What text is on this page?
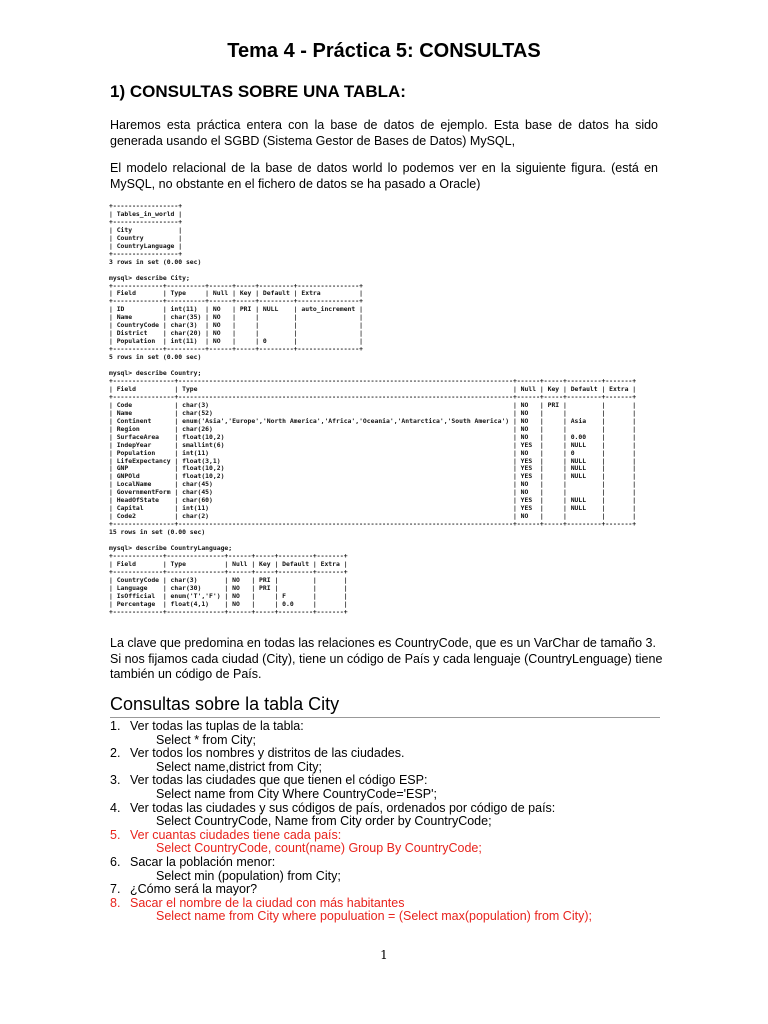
Tema 4 - Práctica 5: CONSULTAS
1) CONSULTAS SOBRE UNA TABLA:

Haremos esta práctica entera con la base de datos de ejemplo. Esta base de datos ha sido generada usando el SGBD (Sistema Gestor de Bases de Datos) MySQL,

El modelo relacional de la base de datos world lo podemos ver en la siguiente figura. (está en MySQL, no obstante en el fichero de datos se ha pasado a Oracle)

+-----------------+
| Tables_in_world |
+-----------------+
| City            |
| Country         |
| CountryLanguage |
+-----------------+
3 rows in set (0.00 sec)

mysql> describe City;
+-------------+----------+------+-----+---------+----------------+
| Field       | Type     | Null | Key | Default | Extra          |
+-------------+----------+------+-----+---------+----------------+
| ID          | int(11)  | NO   | PRI | NULL    | auto_increment |
| Name        | char(35) | NO   |     |         |                |
| CountryCode | char(3)  | NO   |     |         |                |
| District    | char(20) | NO   |     |         |                |
| Population  | int(11)  | NO   |     | 0       |                |
+-------------+----------+------+-----+---------+----------------+
5 rows in set (0.00 sec)

mysql> describe Country;
+----------------+---------------------------------------------------------------------------------------+------+-----+---------+-------+
| Field          | Type                                                                                  | Null | Key | Default | Extra |
+----------------+---------------------------------------------------------------------------------------+------+-----+---------+-------+
| Code           | char(3)                                                                               | NO   | PRI |         |       |
| Name           | char(52)                                                                              | NO   |     |         |       |
| Continent      | enum('Asia','Europe','North America','Africa','Oceania','Antarctica','South America') | NO   |     | Asia    |       |
| Region         | char(26)                                                                              | NO   |     |         |       |
| SurfaceArea    | float(10,2)                                                                           | NO   |     | 0.00    |       |
| IndepYear      | smallint(6)                                                                           | YES  |     | NULL    |       |
| Population     | int(11)                                                                               | NO   |     | 0       |       |
| LifeExpectancy | float(3,1)                                                                            | YES  |     | NULL    |       |
| GNP            | float(10,2)                                                                           | YES  |     | NULL    |       |
| GNPOld         | float(10,2)                                                                           | YES  |     | NULL    |       |
| LocalName      | char(45)                                                                              | NO   |     |         |       |
| GovernmentForm | char(45)                                                                              | NO   |     |         |       |
| HeadOfState    | char(60)                                                                              | YES  |     | NULL    |       |
| Capital        | int(11)                                                                               | YES  |     | NULL    |       |
| Code2          | char(2)                                                                               | NO   |     |         |       |
+----------------+---------------------------------------------------------------------------------------+------+-----+---------+-------+
15 rows in set (0.00 sec)

mysql> describe CountryLanguage;
+-------------+---------------+------+-----+---------+-------+
| Field       | Type          | Null | Key | Default | Extra |
+-------------+---------------+------+-----+---------+-------+
| CountryCode | char(3)       | NO   | PRI |         |       |
| Language    | char(30)      | NO   | PRI |         |       |
| IsOfficial  | enum('T','F') | NO   |     | F       |       |
| Percentage  | float(4,1)    | NO   |     | 0.0     |       |
+-------------+---------------+------+-----+---------+-------+

La clave que predomina en todas las relaciones es CountryCode, que es un VarChar de tamaño 3. Si nos fijamos cada ciudad (City), tiene un código de País y cada lenguaje (CountryLenguage) tiene también un código de País.

Consultas sobre la tabla City
1. Ver todas las tuplas de la tabla:
Select * from City;
2. Ver todos los nombres y distritos de las ciudades.
Select name,district from City;
3. Ver todas las ciudades que que tienen el código ESP:
Select name from City Where CountryCode='ESP';
4. Ver todas las ciudades y sus códigos de país, ordenados por código de país:
Select CountryCode, Name from City order by CountryCode;
5. Ver cuantas ciudades tiene cada país:
Select CountryCode, count(name) Group By CountryCode;
6. Sacar la población menor:
Select min (population) from City;
7. ¿Cómo será la mayor?
8. Sacar el nombre de la ciudad con más habitantes
Select name from City where populuation = (Select max(population) from City);
1
